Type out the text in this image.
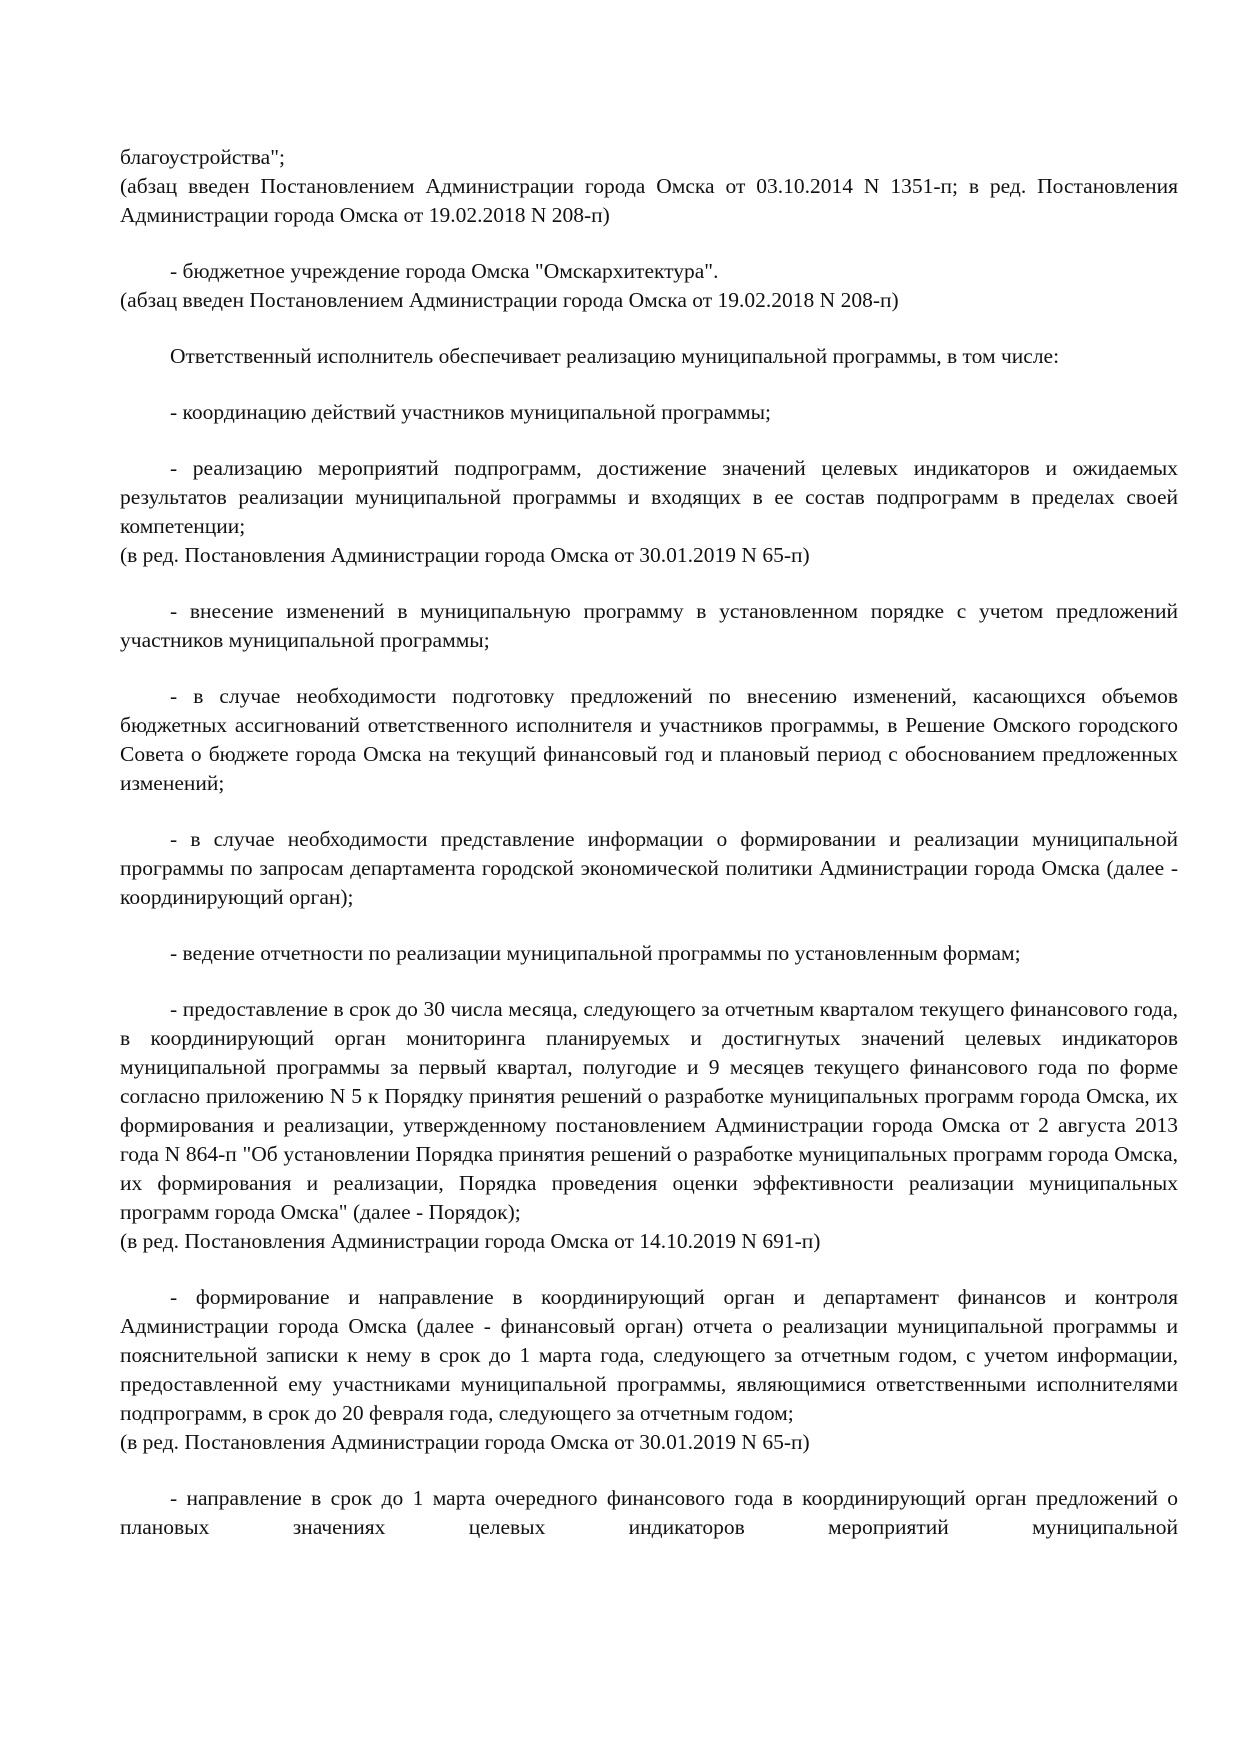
благоустройства";

(абзац введен Постановлением Администрации города Омска от 03.10.2014 N 1351-п; в ред. Постановления Администрации города Омска от 19.02.2018 N 208-п)

- бюджетное учреждение города Омска "Омскархитектура".

(абзац введен Постановлением Администрации города Омска от 19.02.2018 N 208-п)

Ответственный исполнитель обеспечивает реализацию муниципальной программы, в том числе:

- координацию действий участников муниципальной программы;

- реализацию мероприятий подпрограмм, достижение значений целевых индикаторов и ожидаемых результатов реализации муниципальной программы и входящих в ее состав подпрограмм в пределах своей компетенции;

(в ред. Постановления Администрации города Омска от 30.01.2019 N 65-п)

- внесение изменений в муниципальную программу в установленном порядке с учетом предложений участников муниципальной программы;

- в случае необходимости подготовку предложений по внесению изменений, касающихся объемов бюджетных ассигнований ответственного исполнителя и участников программы, в Решение Омского городского Совета о бюджете города Омска на текущий финансовый год и плановый период с обоснованием предложенных изменений;

- в случае необходимости представление информации о формировании и реализации муниципальной программы по запросам департамента городской экономической политики Администрации города Омска (далее - координирующий орган);

- ведение отчетности по реализации муниципальной программы по установленным формам;

- предоставление в срок до 30 числа месяца, следующего за отчетным кварталом текущего финансового года, в координирующий орган мониторинга планируемых и достигнутых значений целевых индикаторов муниципальной программы за первый квартал, полугодие и 9 месяцев текущего финансового года по форме согласно приложению N 5 к Порядку принятия решений о разработке муниципальных программ города Омска, их формирования и реализации, утвержденному постановлением Администрации города Омска от 2 августа 2013 года N 864-п "Об установлении Порядка принятия решений о разработке муниципальных программ города Омска, их формирования и реализации, Порядка проведения оценки эффективности реализации муниципальных программ города Омска" (далее - Порядок);

(в ред. Постановления Администрации города Омска от 14.10.2019 N 691-п)

- формирование и направление в координирующий орган и департамент финансов и контроля Администрации города Омска (далее - финансовый орган) отчета о реализации муниципальной программы и пояснительной записки к нему в срок до 1 марта года, следующего за отчетным годом, с учетом информации, предоставленной ему участниками муниципальной программы, являющимися ответственными исполнителями подпрограмм, в срок до 20 февраля года, следующего за отчетным годом;

(в ред. Постановления Администрации города Омска от 30.01.2019 N 65-п)

- направление в срок до 1 марта очередного финансового года в координирующий орган предложений о плановых значениях целевых индикаторов мероприятий муниципальной
